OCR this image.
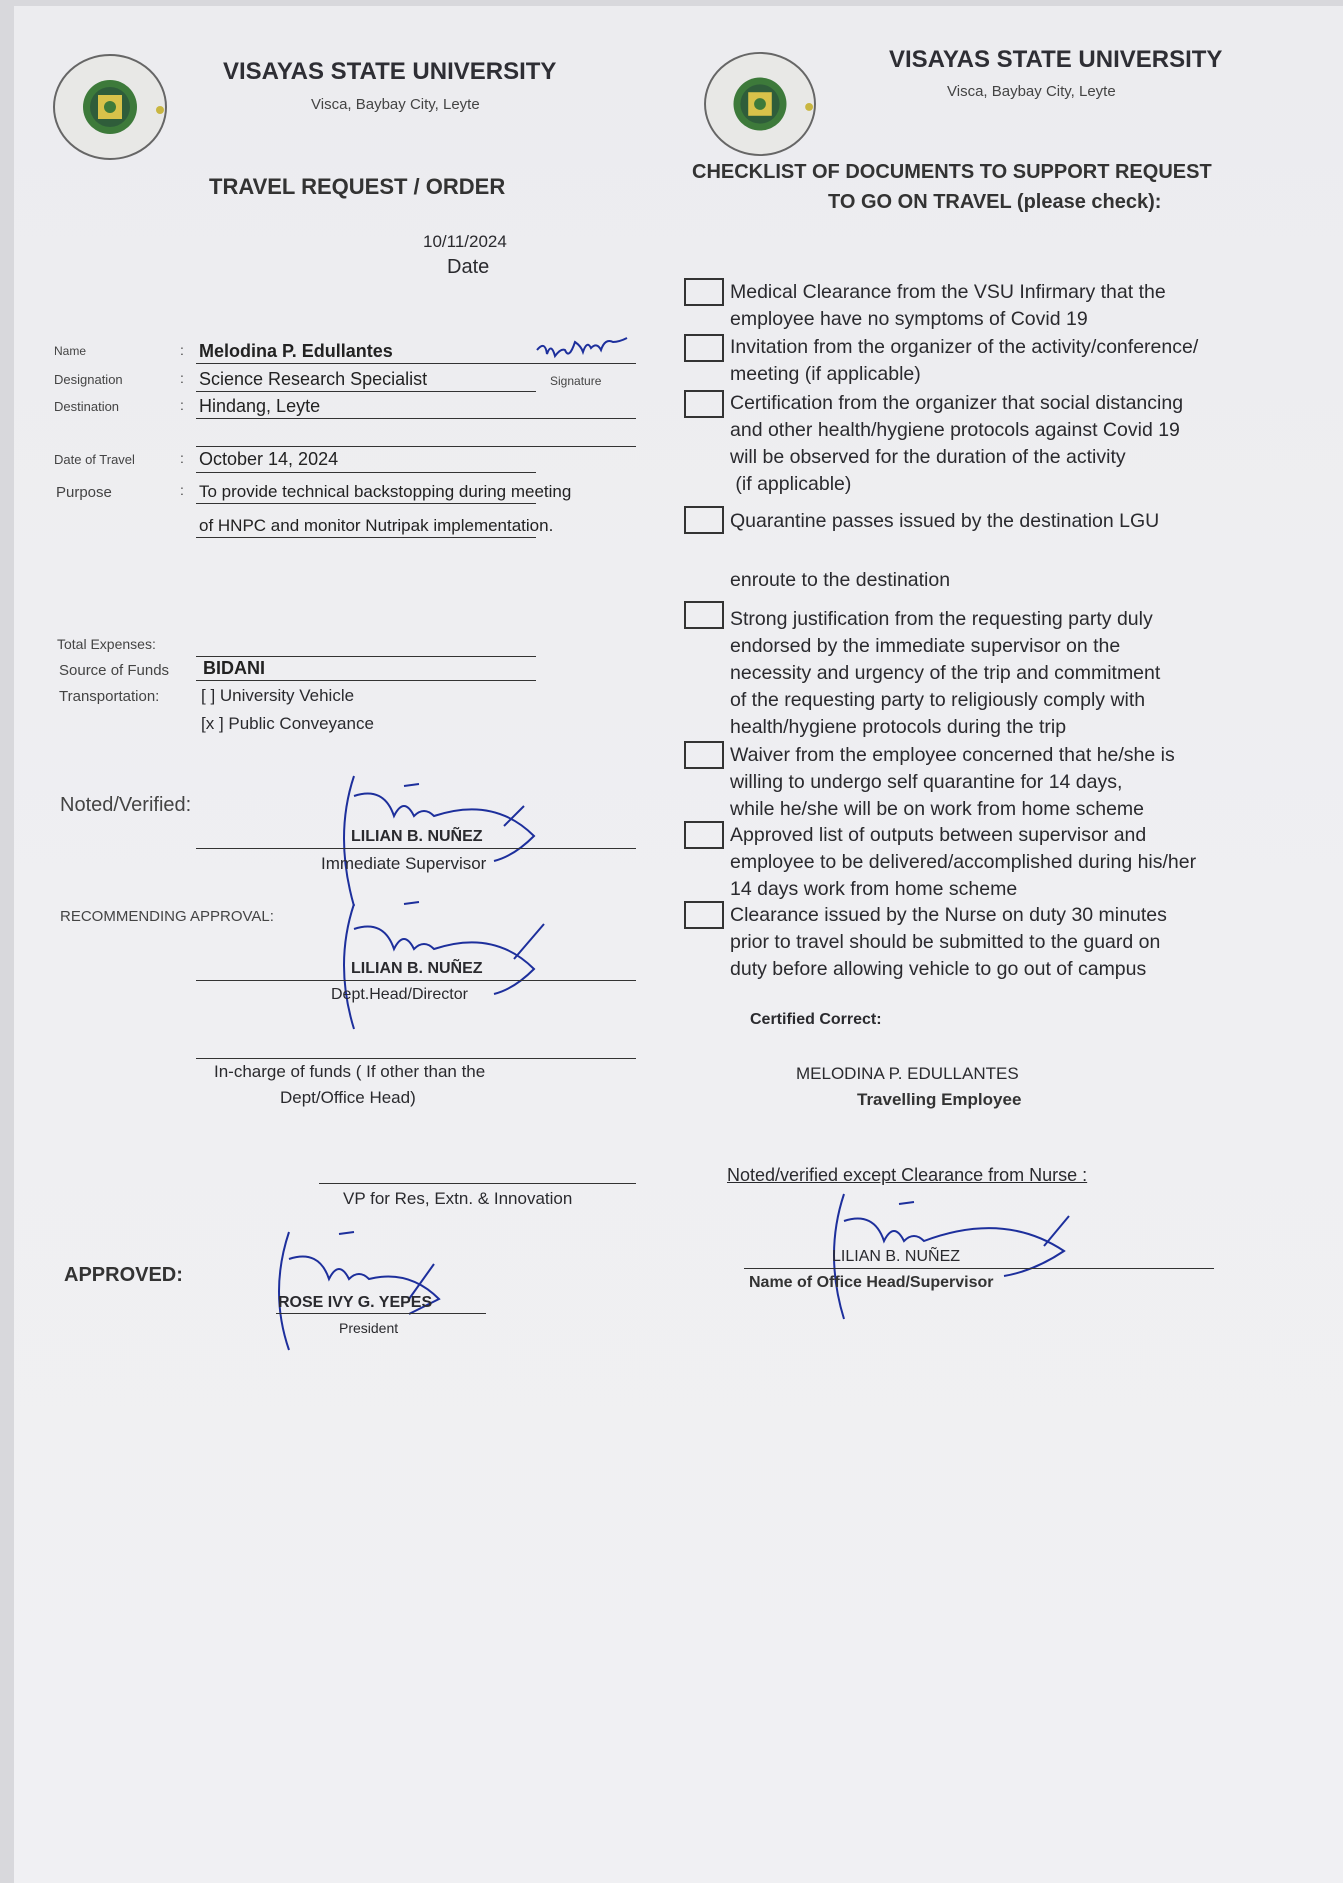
VISAYAS STATE UNIVERSITY
Visca, Baybay City, Leyte
TRAVEL REQUEST / ORDER
10/11/2024
Date
Name	Melodina P. Edullantes
Signature
Designation	Science Research Specialist
Destination	Hindang, Leyte
Date of Travel	October 14, 2024
Purpose	To provide technical backstopping during meeting
of HNPC and monitor Nutripak implementation.
Total Expenses:
Source of Funds BIDANI
Transportation: [ ] University Vehicle
[x ] Public Conveyance
Noted/Verified:
LILIAN B. NUÑEZ
Immediate Supervisor
RECOMMENDING APPROVAL:
LILIAN B. NUÑEZ
Dept.Head/Director
In-charge of funds ( If other than the
Dept/Office Head)
VP for Res, Extn. & Innovation
APPROVED:
ROSE IVY G. YEPES
President
VISAYAS STATE UNIVERSITY
Visca, Baybay City, Leyte
CHECKLIST OF DOCUMENTS TO SUPPORT REQUEST
TO GO ON TRAVEL (please check):
Medical Clearance from the VSU Infirmary that the
employee have no symptoms of Covid 19
Invitation from the organizer of the activity/conference/
meeting (if applicable)
Certification from the organizer that social distancing
and other health/hygiene protocols against Covid 19
will be observed for the duration of the activity
(if applicable)
Quarantine passes issued by the destination LGU
enroute to the destination
Strong justification from the requesting party duly
endorsed by the immediate supervisor on the
necessity and urgency of the trip and commitment
of the requesting party to religiously comply with
health/hygiene protocols during the trip
Waiver from the employee concerned that he/she is
willing to undergo self quarantine for 14 days,
while he/she will be on work from home scheme
Approved list of outputs between supervisor and
employee to be delivered/accomplished during his/her
14 days work from home scheme
Clearance issued by the Nurse on duty 30 minutes
prior to travel should be submitted to the guard on
duty before allowing vehicle to go out of campus
Certified Correct:
MELODINA P. EDULLANTES
Travelling Employee
Noted/verified except Clearance from Nurse :
LILIAN B. NUÑEZ
Name of Office Head/Supervisor
:
:
:
:
:
